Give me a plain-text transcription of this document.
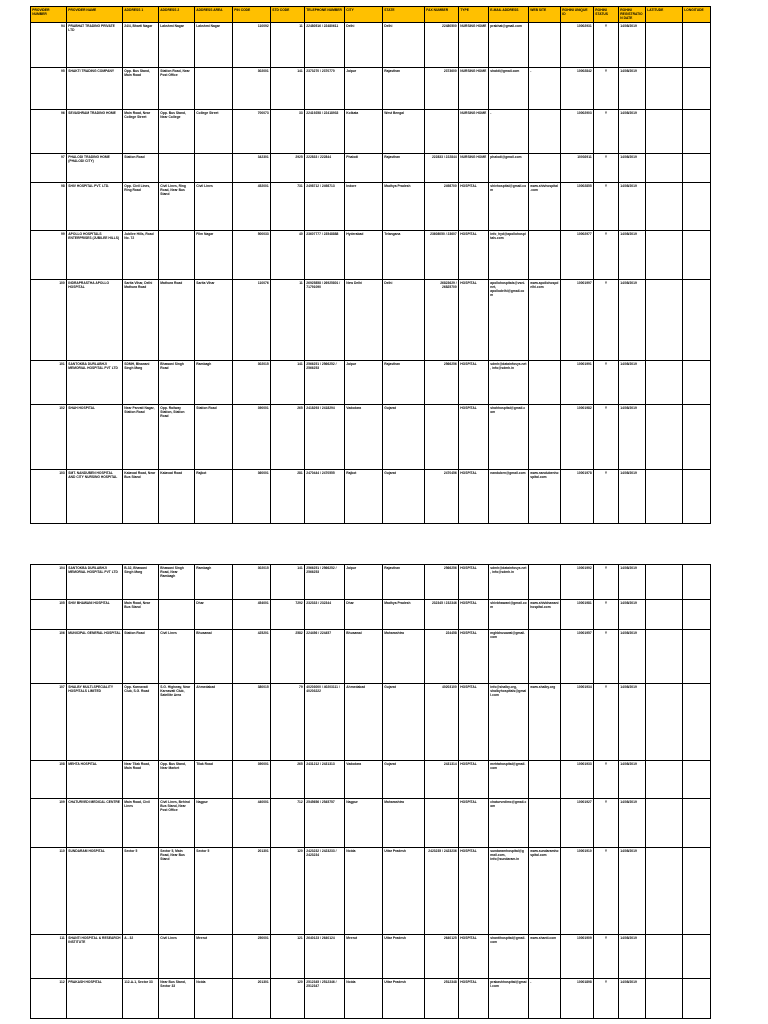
PROVIDER NUMBER	PROVIDER NAME	ADDRESS 1	ADDRESS 2	ADDRESS AREA	PIN CODE	STD CODE	TELEPHONE NUMBER	CITY	STATE	FAX NUMBER	TYPE	E-MAIL ADDRESS	WEB SITE	ROHINI UNIQUE ID	ROHINI STATUS	ROHINI REGISTRATION DATE	LATITUDE	LONGITUDE
94	PRABHAT TRADING PRIVATE LTD	24/4, Bharti Nagar	Lakshmi Nagar	Lakshmi Nagar	110092	11	22480516 / 22480611	Delhi	Delhi	22480500	NURSING HOME	prabhat@gmail.com		10002931	Y	14/08/2019		
95	SHAKTI TRADING COMPANY	Opp. Bus Stand, Main Road	Station Road, Near Post Office		302001	141	2373270 / 2370770	Jaipur	Rajasthan	2373600	NURSING HOME	shakti@gmail.com	-	10002842	Y	14/08/2019		
96	SEVASHRAM TRADING HOME	Main Road, Near College Street	Opp. Bus Stand, Near College	College Street	700073	33	22419258 / 22418933	Kolkata	West Bengal		NURSING HOME	-		10002903	Y	14/08/2019		
97	PHALODI TRADING HOME (PHALODI CITY)	Station Road			342301	2925	222833 / 222844	Phalodi	Rajasthan	222833 / 222844	NURSING HOME	phalodi@gmail.com		10002911	Y	14/08/2019		
98	SHIV HOSPITAL PVT. LTD.	Opp. Civil Lines, Ring Road	Civil Lines, Ring Road, Near Bus Stand	Civil Lines	452001	731	2498712 / 2498713	Indore	Madhya Pradesh	2498700	HOSPITAL	shivhospital@gmail.com	www.shivhospital.com	10002855	Y	14/08/2019		
99	APOLLO HOSPITALS ENTERPRISES (JUBILEE HILLS)	Jubilee Hills, Road No. 72		Film Nagar	500033	40	23607777 / 23548888	Hyderabad	Telangana	23608050 / 23607	HOSPITAL	info_hyd@apollohospitals.com		10002977	Y	14/08/2019		
100	INDRAPRASTHA APOLLO HOSPITAL	Sarita Vihar, Delhi Mathura Road	Mathura Road	Sarita Vihar	110076	11	26925858 / 26925801 / 71791090	New Delhi	Delhi	26823629 / 26825700	HOSPITAL	apollohospitals@vsnl.net, apollodelhi@gmail.com	www.apollohospdelhi.com	10001997	Y	14/08/2019		
101	SANTOKBA DURLABHJI MEMORIAL HOSPITAL PVT LTD	SDMH, Bhawani Singh Marg	Bhawani Singh Road	Rambagh	302015	141	2566251 / 2566252 / 2566253	Jaipur	Rajasthan	2566256	HOSPITAL	sdmh@datainfosys.net, info@sdmh.in		10001991	Y	14/08/2019		
102	SHAH HOSPITAL	Near Parvati Nagar, Station Road	Opp. Railway Station, Station Road	Station Road	390001	265	2418293 / 2418294	Vadodara	Gujarat		HOSPITAL	shahhospital@gmail.com		10001982	Y	14/08/2019		
103	SMT. NANDUBEN HOSPITAL AND CITY NURSING HOSPITAL	Kalavad Road, Near Bus Stand	Kalavad Road	Rajkot	360001	281	2470444 / 2470555	Rajkot	Gujarat	2470456	HOSPITAL	nanduben@gmail.com	www.nandubenhospital.com	10001978	Y	14/08/2019		
104	SANTOKBA DURLABHJI MEMORIAL HOSPITAL PVT LTD	B-32, Bhawani Singh Marg	Bhawani Singh Road, Near Rambagh	Rambagh	302015	141	2566251 / 2566252 / 2566253	Jaipur	Rajasthan	2566256	HOSPITAL	sdmh@datainfosys.net, info@sdmh.in		10001992	Y	14/08/2019		
105	SHIV BHAWANI HOSPITAL	Main Road, Near Bus Stand		Dhar	454001	7292	232333 / 232344	Dhar	Madhya Pradesh	232345 / 232346	HOSPITAL	shivbhawani@gmail.com	www.shivbhawanihospital.com	10001981	Y	14/08/2019		
106	MUNICIPAL GENERAL HOSPITAL	Station Road	Civil Lines	Bhusawal	425201	2582	224456 / 224457	Bhusawal	Maharashtra	224458	HOSPITAL	mghbhusawal@gmail.com		10001957	Y	14/08/2019		
107	SHALBY MULTI-SPECIALITY HOSPITALS LIMITED	Opp. Karnavati Club, S.G. Road	S.G. Highway, Near Karnavati Club, Satellite Area	Ahmedabad	380015	79	40203000 / 40203111 / 40203222	Ahmedabad	Gujarat	40203100	HOSPITAL	info@shalby.org, shalbyhospitals@gmail.com	www.shalby.org	10001934	Y	14/08/2019		
108	MEHTA HOSPITAL	Near Tilak Road, Main Road	Opp. Bus Stand, Near Market	Tilak Road	390001	265	2431212 / 2431313	Vadodara	Gujarat	2431314	HOSPITAL	mehtahospital@gmail.com		10001933	Y	14/08/2019		
109	CHATURVEDI MEDICAL CENTRE	Main Road, Civil Lines	Civil Lines, Behind Bus Stand, Near Post Office	Nagpur	440001	712	2545656 / 2545757	Nagpur	Maharashtra		HOSPITAL	chaturvedimc@gmail.com		10001927	Y	14/08/2019		
110	SUNDARAM HOSPITAL	Sector 5	Sector 5, Main Road, Near Bus Stand	Sector 5	201301	120	2423232 / 2423233 / 2423234	Noida	Uttar Pradesh	2423235 / 2423236	HOSPITAL	sundaramhospital@gmail.com, info@sundaram.in	www.sundaramhospital.com	10001910	Y	14/08/2019		
111	SHANTI HOSPITAL & RESEARCH INSTITUTE	A - 32	Civil Lines	Meerut	250001	121	2640123 / 2640124	Meerut	Uttar Pradesh	2640125	HOSPITAL	shantihospital@gmail.com	www.shanti.com	10001909	Y	14/08/2019		
112	PRAKASH HOSPITAL	112-A-1, Sector 33	Near Bus Stand, Sector 33	Noida	201301	120	2512345 / 2512346 / 2512347	Noida	Uttar Pradesh	2512348	HOSPITAL	prakashhospital@gmail.com	-	10001898	Y	14/08/2019		
